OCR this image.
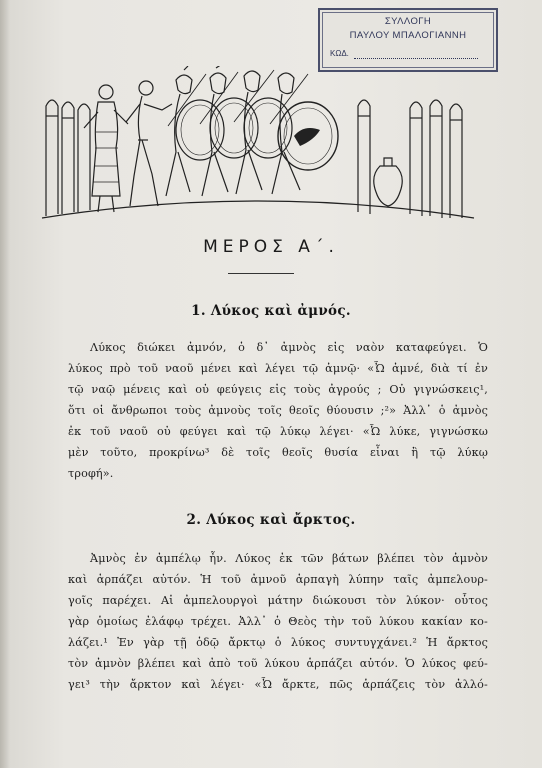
ΣΥΛΛΟΓΗ
ΠΑΥΛΟΥ ΜΠΑΛΟΓΙΑΝΝΗ
ΚΩΔ.
ΜΕΡΟΣ Α΄.
1. Λύκος καὶ ἀμνός.
Λύκος διώκει ἀμνόν, ὁ δ᾿ ἀμνὸς εἰς ναὸν καταφεύγει. Ὁ
λύκος πρὸ τοῦ ναοῦ μένει καὶ λέγει τῷ ἀμνῷ· «Ὦ ἀμνέ, διὰ τί ἐν
τῷ ναῷ μένεις καὶ οὐ φεύγεις εἰς τοὺς ἀγρούς ; Οὐ γιγνώσκεις¹,
ὅτι οἱ ἄνθρωποι τοὺς ἀμνοὺς τοῖς θεοῖς θύουσιν ;²» Ἀλλ᾿ ὁ ἀμνὸς
ἐκ τοῦ ναοῦ οὐ φεύγει καὶ τῷ λύκῳ λέγει· «Ὦ λύκε, γιγνώσκω
μὲν τοῦτο, προκρίνω³ δὲ τοῖς θεοῖς θυσία εἶναι ἢ τῷ λύκῳ
τροφή».
2. Λύκος καὶ ἄρκτος.
Ἀμνὸς ἐν ἀμπέλῳ ἦν. Λύκος ἐκ τῶν βάτων βλέπει τὸν ἀμνὸν
καὶ ἁρπάζει αὐτόν. Ἡ τοῦ ἀμνοῦ ἁρπαγὴ λύπην ταῖς ἀμπελουρ-
γοῖς παρέχει. Αἱ ἀμπελουργοὶ μάτην διώκουσι τὸν λύκον· οὗτος
γὰρ ὁμοίως ἐλάφῳ τρέχει. Ἀλλ᾿ ὁ Θεὸς τὴν τοῦ λύκου κακίαν κο-
λάζει.¹ Ἐν γὰρ τῇ ὁδῷ ἄρκτῳ ὁ λύκος συντυγχάνει.² Ἡ ἄρκτος
τὸν ἀμνὸν βλέπει καὶ ἀπὸ τοῦ λύκου ἁρπάζει αὐτόν. Ὁ λύκος φεύ-
γει³ τὴν ἄρκτον καὶ λέγει· «Ὦ ἄρκτε, πῶς ἁρπάζεις τὸν ἀλλό-
